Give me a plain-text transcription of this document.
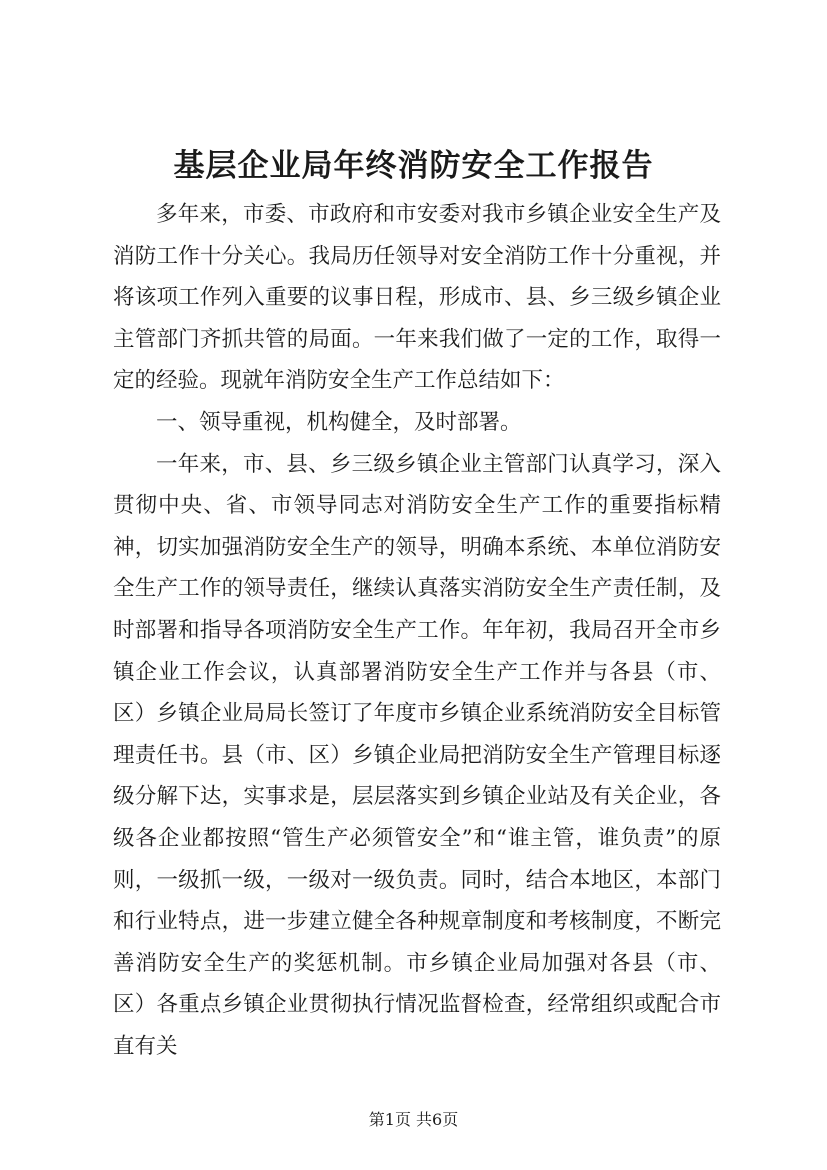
基层企业局年终消防安全工作报告

多年来，市委、市政府和市安委对我市乡镇企业安全生产及消防工作十分关心。我局历任领导对安全消防工作十分重视，并将该项工作列入重要的议事日程，形成市、县、乡三级乡镇企业主管部门齐抓共管的局面。一年来我们做了一定的工作，取得一定的经验。现就年消防安全生产工作总结如下：

一、领导重视，机构健全，及时部署。

一年来，市、县、乡三级乡镇企业主管部门认真学习，深入贯彻中央、省、市领导同志对消防安全生产工作的重要指标精神，切实加强消防安全生产的领导，明确本系统、本单位消防安全生产工作的领导责任，继续认真落实消防安全生产责任制，及时部署和指导各项消防安全生产工作。年年初，我局召开全市乡镇企业工作会议，认真部署消防安全生产工作并与各县（市、区）乡镇企业局局长签订了年度市乡镇企业系统消防安全目标管理责任书。县（市、区）乡镇企业局把消防安全生产管理目标逐级分解下达，实事求是，层层落实到乡镇企业站及有关企业，各级各企业都按照“管生产必须管安全”和“谁主管，谁负责”的原则，一级抓一级，一级对一级负责。同时，结合本地区，本部门和行业特点，进一步建立健全各种规章制度和考核制度，不断完善消防安全生产的奖惩机制。市乡镇企业局加强对各县（市、区）各重点乡镇企业贯彻执行情况监督检查，经常组织或配合市直有关

第1页 共6页
